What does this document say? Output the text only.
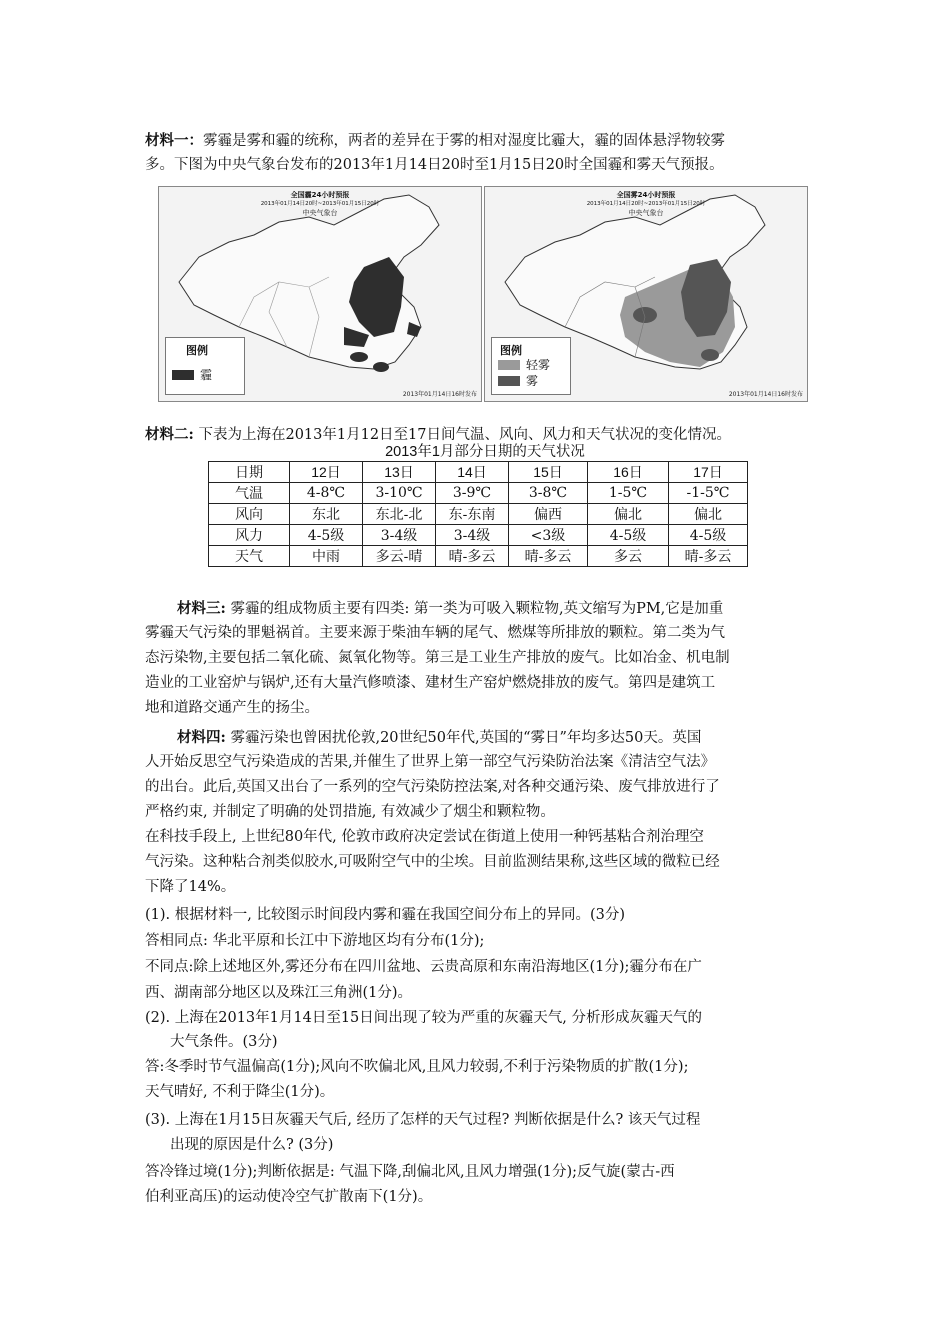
材料一：雾霾是雾和霾的统称，两者的差异在于雾的相对湿度比霾大，霾的固体悬浮物较雾
多。下图为中央气象台发布的2013年1月14日20时至1月15日20时全国霾和雾天气预报。
全国霾24小时预报
2013年01月14日20时~2013年01月15日20时
中央气象台
图例
霾
2013年01月14日16时发布
全国雾24小时预报
2013年01月14日20时~2013年01月15日20时
中央气象台
图例
轻雾
雾
2013年01月14日16时发布
材料二: 下表为上海在2013年1月12日至17日间气温、风向、风力和天气状况的变化情况。
2013年1月部分日期的天气状况
日期	12日	13日	14日	15日	16日	17日
气温	4-8℃	3-10℃	3-9℃	3-8℃	1-5℃	-1-5℃
风向	东北	东北-北	东-东南	偏西	偏北	偏北
风力	4-5级	3-4级	3-4级	<3级	4-5级	4-5级
天气	中雨	多云-晴	晴-多云	晴-多云	多云	晴-多云
材料三: 雾霾的组成物质主要有四类: 第一类为可吸入颗粒物,英文缩写为PM,它是加重
雾霾天气污染的罪魁祸首。主要来源于柴油车辆的尾气、燃煤等所排放的颗粒。第二类为气
态污染物,主要包括二氧化硫、氮氧化物等。第三是工业生产排放的废气。比如冶金、机电制
造业的工业窑炉与锅炉,还有大量汽修喷漆、建材生产窑炉燃烧排放的废气。第四是建筑工
地和道路交通产生的扬尘。
材料四: 雾霾污染也曾困扰伦敦,20世纪50年代,英国的“雾日”年均多达50天。英国
人开始反思空气污染造成的苦果,并催生了世界上第一部空气污染防治法案《清洁空气法》
的出台。此后,英国又出台了一系列的空气污染防控法案,对各种交通污染、废气排放进行了
严格约束, 并制定了明确的处罚措施, 有效减少了烟尘和颗粒物。
在科技手段上, 上世纪80年代, 伦敦市政府决定尝试在街道上使用一种钙基粘合剂治理空
气污染。这种粘合剂类似胶水,可吸附空气中的尘埃。目前监测结果称,这些区域的微粒已经
下降了14%。
(1). 根据材料一, 比较图示时间段内雾和霾在我国空间分布上的异同。(3分)
答相同点: 华北平原和长江中下游地区均有分布(1分);
不同点:除上述地区外,雾还分布在四川盆地、云贵高原和东南沿海地区(1分);霾分布在广
西、湖南部分地区以及珠江三角洲(1分)。
(2). 上海在2013年1月14日至15日间出现了较为严重的灰霾天气, 分析形成灰霾天气的
大气条件。(3分)
答:冬季时节气温偏高(1分);风向不吹偏北风,且风力较弱,不利于污染物质的扩散(1分);
天气晴好, 不利于降尘(1分)。
(3). 上海在1月15日灰霾天气后, 经历了怎样的天气过程? 判断依据是什么? 该天气过程
出现的原因是什么? (3分)
答冷锋过境(1分);判断依据是: 气温下降,刮偏北风,且风力增强(1分);反气旋(蒙古-西
伯利亚高压)的运动使冷空气扩散南下(1分)。
